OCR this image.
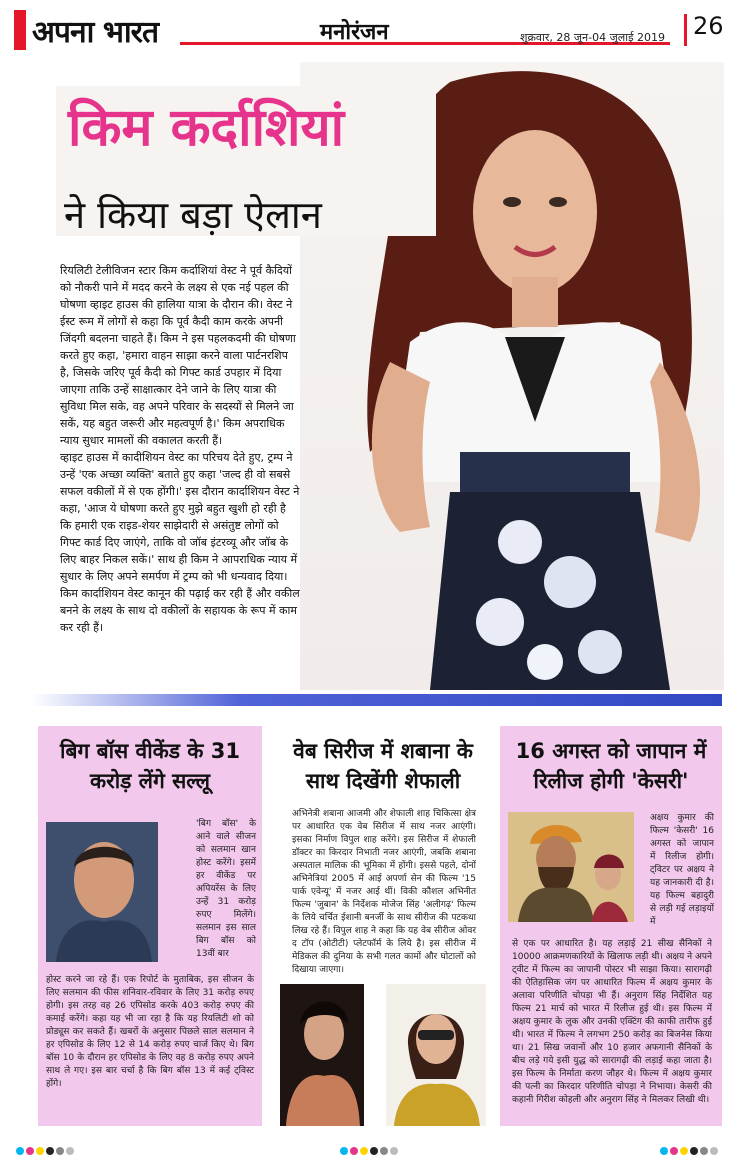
अपना भारत	मनोरंजन	शुक्रवार, 28 जून-04 जुलाई 2019 26
किम कर्दाशियां
ने किया बड़ा ऐलान

रियलिटी टेलीविजन स्टार किम कर्दाशियां वेस्ट ने पूर्व कैदियों को नौकरी पाने में मदद करने के लक्ष्य से एक नई पहल की घोषणा व्हाइट हाउस की हालिया यात्रा के दौरान की। वेस्ट ने ईस्ट रूम में लोगों से कहा कि पूर्व कैदी काम करके अपनी जिंदगी बदलना चाहते हैं। किम ने इस पहलकदमी की घोषणा करते हुए कहा, 'हमारा वाहन साझा करने वाला पार्टनरशिप है, जिसके जरिए पूर्व कैदी को गिफ्ट कार्ड उपहार में दिया जाएगा ताकि उन्हें साक्षात्कार देने जाने के लिए यात्रा की सुविधा मिल सके, वह अपने परिवार के सदस्यों से मिलने जा सकें, यह बहुत जरूरी और महत्वपूर्ण है।' किम अपराधिक न्याय सुधार मामलों की वकालत करती हैं।

व्हाइट हाउस में कादीशियन वेस्ट का परिचय देते हुए, ट्रम्प ने उन्हें 'एक अच्छा व्यक्ति' बताते हुए कहा 'जल्द ही वो सबसे सफल वकीलों में से एक होंगी।' इस दौरान कार्दाशियन वेस्ट ने कहा, 'आज ये घोषणा करते हुए मुझे बहुत खुशी हो रही है कि हमारी एक राइड-शेयर साझेदारी से असंतुष्ट लोगों को गिफ्ट कार्ड दिए जाएंगे, ताकि वो जॉब इंटरव्यू और जॉब के लिए बाहर निकल सकें।' साथ ही किम ने आपराधिक न्याय में सुधार के लिए अपने समर्पण में ट्रम्प को भी धन्यवाद दिया। किम कार्दाशियन वेस्ट कानून की पढ़ाई कर रही हैं और वकील बनने के लक्ष्य के साथ दो वकीलों के सहायक के रूप में काम कर रही हैं।

बिग बॉस वीकेंड के 31 करोड़ लेंगे सल्लू
'बिग बॉस' के आने वाले सीजन को सलमान खान होस्ट करेंगे। इसमें हर वीकेंड पर अपियरेंस के लिए उन्हें 31 करोड़ रुपए मिलेंगे। सलमान इस साल बिग बॉस को 13वीं बार
होस्ट करने जा रहे हैं। एक रिपोर्ट के मुताबिक, इस सीजन के लिए सलमान की फीस शनिवार-रविवार के लिए 31 करोड़ रुपए होगी। इस तरह वह 26 एपिसोड करके 403 करोड़ रुपए की कमाई करेंगे। कहा यह भी जा रहा है कि यह रियलिटी शो को प्रोड्यूस कर सकते हैं। खबरों के अनुसार पिछले साल सलमान ने हर एपिसोड के लिए 12 से 14 करोड़ रुपए चार्ज किए थे। बिग बॉस 10 के दौरान हर एपिसोड के लिए वह 8 करोड़ रुपए अपने साथ ले गए। इस बार चर्चा है कि बिग बॉस 13 में कई ट्विस्ट होंगे।
वेब सिरीज में शबाना के साथ दिखेंगी शेफाली
अभिनेत्री शबाना आजमी और शेफाली शाह चिकित्सा क्षेत्र पर आधारित एक वेब सिरीज में साथ नजर आएंगी। इसका निर्माण विपुल शाह करेंगे। इस सिरीज में शेफाली डॉक्टर का किरदार निभाती नजर आएंगी, जबकि शबाना अस्पताल मालिक की भूमिका में होंगी। इससे पहले, दोनों अभिनेत्रियां 2005 में आई अपर्णा सेन की फिल्म '15 पार्क एवेन्यू' में नजर आई थीं। विकी कौशल अभिनीत फिल्म 'जुबान' के निर्देशक मोजेज सिंह 'अलीगढ़' फिल्म के लिये चर्चित ईशानी बनर्जी के साथ सीरीज की पटकथा लिख रहे हैं। विपुल शाह ने कहा कि यह वेब सीरीज ओवर द टॉप (ओटीटी) प्लेटफॉर्म के लिये है। इस सीरीज में मेडिकल की दुनिया के सभी गलत कामों और घोटालों को दिखाया जाएगा।
16 अगस्त को जापान में रिलीज होगी 'केसरी'
अक्षय कुमार की फिल्म 'केसरी' 16 अगस्त को जापान में रिलीज होगी। ट्विटर पर अक्षय ने यह जानकारी दी है। यह फिल्म बहादुरी से लड़ी गई लड़ाइयों में
से एक पर आधारित है। यह लड़ाई 21 सीख सैनिकों ने 10000 आक्रमणकारियों के खिलाफ लड़ी थी। अक्षय ने अपने ट्वीट में फिल्म का जापानी पोस्टर भी साझा किया। सारागढ़ी की ऐतिहासिक जंग पर आधारित फिल्म में अक्षय कुमार के अलावा परिणीति चोपड़ा भी हैं। अनुराग सिंह निर्देशित यह फिल्म 21 मार्च को भारत में रिलीज हुई थी। इस फिल्म में अक्षय कुमार के लुक और उनकी एक्टिंग की काफी तारीफ हुई थी। भारत में फिल्म ने लगभग 250 करोड़ का बिजनेस किया था। 21 सिख जवानों और 10 हजार अफगानी सैनिकों के बीच लड़े गये इसी युद्ध को सारागढ़ी की लड़ाई कहा जाता है। इस फिल्म के निर्माता करण जौहर थे। फिल्म में अक्षय कुमार की पत्नी का किरदार परिणीति चोपड़ा ने निभाया। केसरी की कहानी गिरीश कोहली और अनुराग सिंह ने मिलकर लिखी थी।
